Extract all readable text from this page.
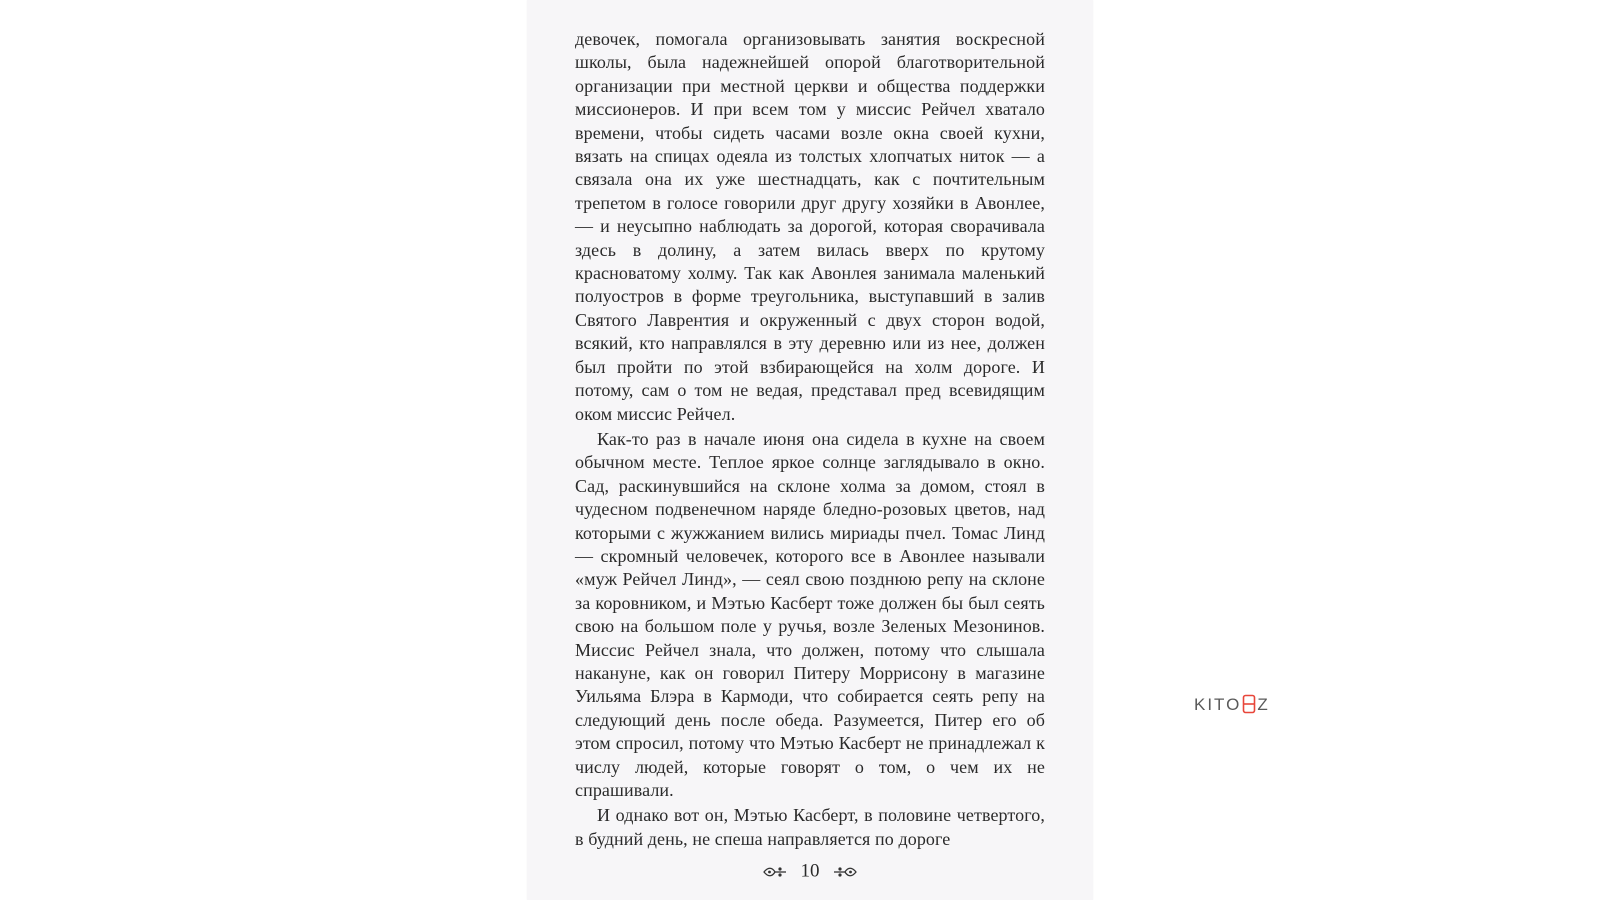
девочек, помогала организовывать занятия воскресной школы, была надежнейшей опорой благотворительной организации при местной церкви и общества поддержки миссионеров. И при всем том у миссис Рейчел хватало времени, чтобы сидеть часами возле окна своей кухни, вязать на спицах одеяла из толстых хлопчатых ниток — а связала она их уже шестнадцать, как с почтительным трепетом в голосе говорили друг другу хозяйки в Авонлее, — и неусыпно наблюдать за дорогой, которая сворачивала здесь в долину, а затем вилась вверх по крутому красноватому холму. Так как Авонлея занимала маленький полуостров в форме треугольника, выступавший в залив Святого Лаврентия и окруженный с двух сторон водой, всякий, кто направлялся в эту деревню или из нее, должен был пройти по этой взбирающейся на холм дороге. И потому, сам о том не ведая, представал пред всевидящим оком миссис Рейчел.

Как-то раз в начале июня она сидела в кухне на своем обычном месте. Теплое яркое солнце заглядывало в окно. Сад, раскинувшийся на склоне холма за домом, стоял в чудесном подвенечном наряде бледно-розовых цветов, над которыми с жужжанием вились мириады пчел. Томас Линд — скромный человечек, которого все в Авонлее называли «муж Рейчел Линд», — сеял свою позднюю репу на склоне за коровником, и Мэтью Касберт тоже должен бы был сеять свою на большом поле у ручья, возле Зеленых Мезонинов. Миссис Рейчел знала, что должен, потому что слышала накануне, как он говорил Питеру Моррисону в магазине Уильяма Блэра в Кармоди, что собирается сеять репу на следующий день после обеда. Разумеется, Питер его об этом спросил, потому что Мэтью Касберт не принадлежал к числу людей, которые говорят о том, о чем их не спрашивали.

И однако вот он, Мэтью Касберт, в половине четвертого, в будний день, не спеша направляется по дороге

10
KITO Z
